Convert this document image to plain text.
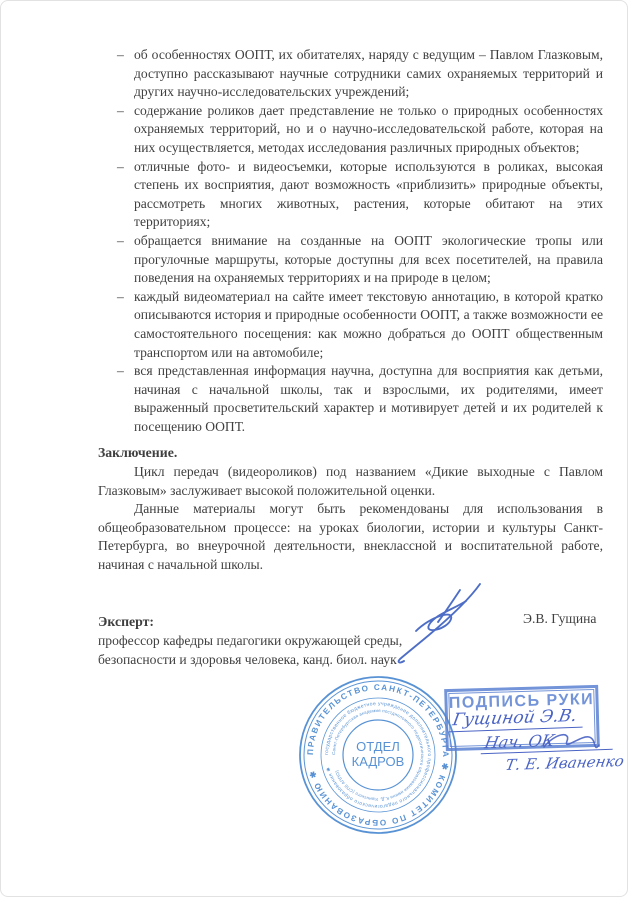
– об особенностях ООПТ, их обитателях, наряду с ведущим – Павлом Глазковым, доступно рассказывают научные сотрудники самих охраняемых территорий и других научно-исследовательских учреждений;
– содержание роликов дает представление не только о природных особенностях охраняемых территорий, но и о научно-исследовательской работе, которая на них осуществляется, методах исследования различных природных объектов;
– отличные фото- и видеосъемки, которые используются в роликах, высокая степень их восприятия, дают возможность «приблизить» природные объекты, рассмотреть многих животных, растения, которые обитают на этих территориях;
– обращается внимание на созданные на ООПТ экологические тропы или прогулочные маршруты, которые доступны для всех посетителей, на правила поведения на охраняемых территориях и на природе в целом;
– каждый видеоматериал на сайте имеет текстовую аннотацию, в которой кратко описываются история и природные особенности ООПТ, а также возможности ее самостоятельного посещения: как можно добраться до ООПТ общественным транспортом или на автомобиле;
– вся представленная информация научна, доступна для восприятия как детьми, начиная с начальной школы, так и взрослыми, их родителями, имеет выраженный просветительский характер и мотивирует детей и их родителей к посещению ООПТ.
Заключение.

Цикл передач (видеороликов) под названием «Дикие выходные с Павлом Глазковым» заслуживает высокой положительной оценки.

Данные материалы могут быть рекомендованы для использования в общеобразовательном процессе: на уроках биологии, истории и культуры Санкт-Петербурга, во внеурочной деятельности, внеклассной и воспитательной работе, начиная с начальной школы.

Эксперт:

профессор кафедры педагогики окружающей среды,

безопасности и здоровья человека, канд. биол. наук

Э.В. Гущина
ПРАВИТЕЛЬСТВО САНКТ-ПЕТЕРБУРГА ✱ КОМИТЕТ ПО ОБРАЗОВАНИЮ ✱
государственное бюджетное учреждение дополнительного профессионального педагогического образования ✱
Санкт-Петербургская академия постдипломного педагогического образования имени К.Д. Ушинского (СПб АППО)
ОТДЕЛ
КАДРОВ
ПОДПИСЬ РУКИ
Гущиной Э.В.
Нач. ОК
Т. Е. Иваненко
